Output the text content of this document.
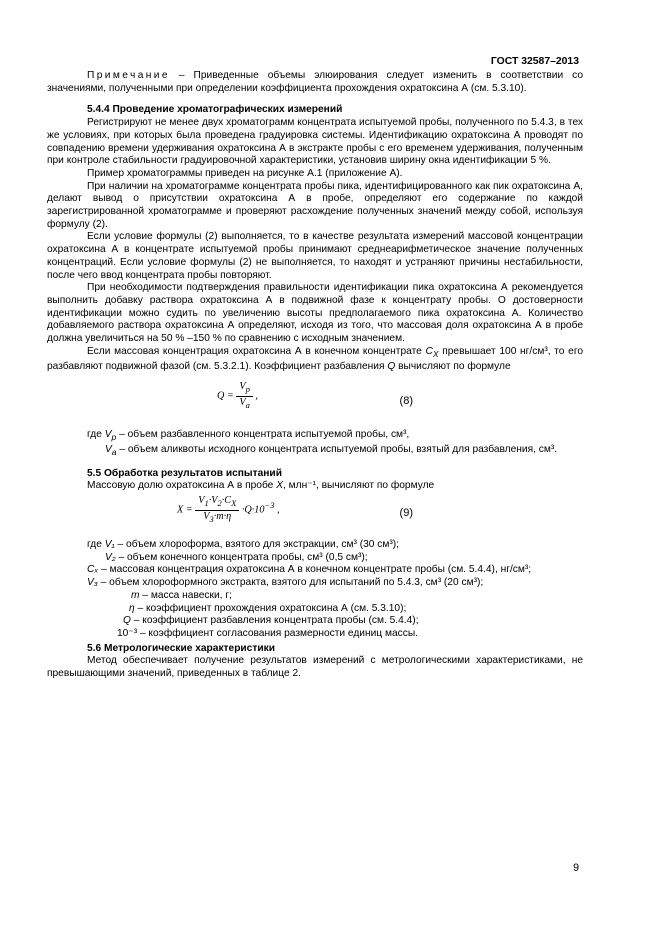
ГОСТ 32587–2013

Примечание – Приведенные объемы элюирования следует изменить в соответствии со значениями, полученными при определении коэффициента прохождения охратоксина А (см. 5.3.10).

5.4.4 Проведение хроматографических измерений

Регистрируют не менее двух хроматограмм концентрата испытуемой пробы, полученного по 5.4.3, в тех же условиях, при которых была проведена градуировка системы. Идентификацию охратоксина А проводят по совпадению времени удерживания охратоксина А в экстракте пробы с его временем удерживания, полученным при контроле стабильности градуировочной характеристики, установив ширину окна идентификации 5 %.

Пример хроматограммы приведен на рисунке А.1 (приложение А).

При наличии на хроматограмме концентрата пробы пика, идентифицированного как пик охратоксина А, делают вывод о присутствии охратоксина А в пробе, определяют его содержание по каждой зарегистрированной хроматограмме и проверяют расхождение полученных значений между собой, используя формулу (2).

Если условие формулы (2) выполняется, то в качестве результата измерений массовой концентрации охратоксина А в концентрате испытуемой пробы принимают среднеарифметическое значение полученных концентраций. Если условие формулы (2) не выполняется, то находят и устраняют причины нестабильности, после чего ввод концентрата пробы повторяют.

При необходимости подтверждения правильности идентификации пика охратоксина А рекомендуется выполнить добавку раствора охратоксина А в подвижной фазе к концентрату пробы. О достоверности идентификации можно судить по увеличению высоты предполагаемого пика охратоксина А. Количество добавляемого раствора охратоксина А определяют, исходя из того, что массовая доля охратоксина А в пробе должна увеличиться на 50 % –150 % по сравнению с исходным значением.

Если массовая концентрация охратоксина А в конечном концентрате $C_X$ превышает 100 нг/см³, то его разбавляют подвижной фазой (см. 5.3.2.1). Коэффициент разбавления Q вычисляют по формуле

$Q = \frac{V_p}{V_a}$ ,	(8)

где $V_p$ – объем разбавленного концентрата испытуемой пробы, см³,

$V_a$ – объем аликвоты исходного концентрата испытуемой пробы, взятый для разбавления, см³.

5.5 Обработка результатов испытаний

Массовую долю охратоксина А в пробе X, млн⁻¹, вычисляют по формуле

$X = \frac{V_1\cdot V_2\cdot C_X}{V_3\cdot m\cdot\eta} \cdot Q\cdot 10^{-3}$ ,	(9)

где V₁ – объем хлороформа, взятого для экстракции, см³ (30 см³);

V₂ – объем конечного концентрата пробы, см³ (0,5 см³);

Cₓ – массовая концентрация охратоксина А в конечном концентрате пробы (см. 5.4.4), нг/см³;

V₃ – объем хлороформного экстракта, взятого для испытаний по 5.4.3, см³ (20 см³);

m – масса навески, г;

η – коэффициент прохождения охратоксина А (см. 5.3.10);

Q – коэффициент разбавления концентрата пробы (см. 5.4.4);

10⁻³ – коэффициент согласования размерности единиц массы.

5.6 Метрологические характеристики

Метод обеспечивает получение результатов измерений с метрологическими характеристиками, не превышающими значений, приведенных в таблице 2.

9
